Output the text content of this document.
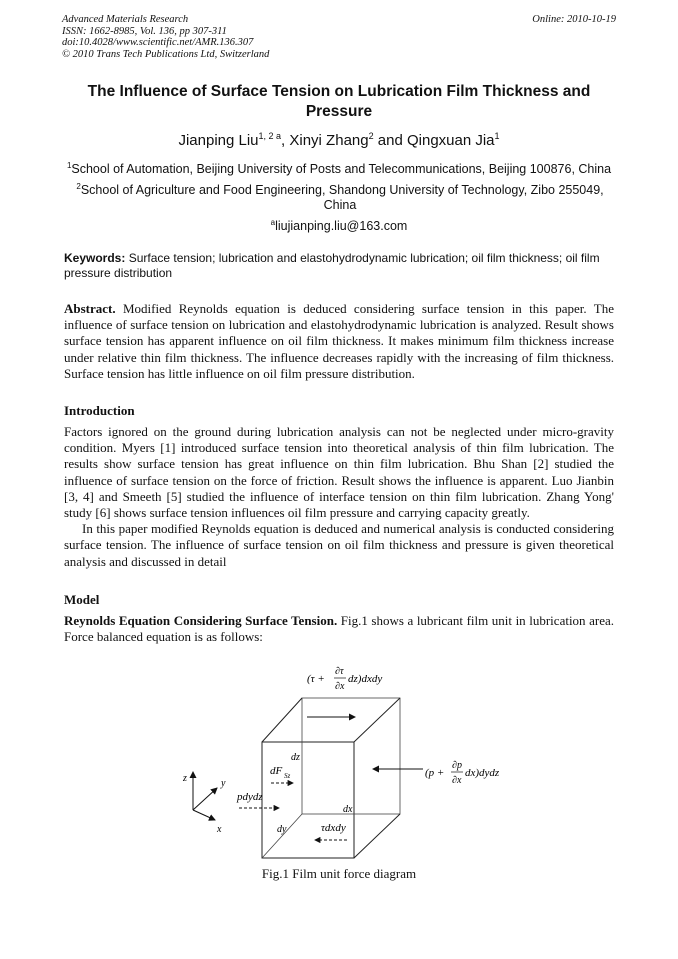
Advanced Materials Research
ISSN: 1662-8985, Vol. 136, pp 307-311
doi:10.4028/www.scientific.net/AMR.136.307
© 2010 Trans Tech Publications Ltd, Switzerland
Online: 2010-10-19
The Influence of Surface Tension on Lubrication Film Thickness and Pressure
Jianping Liu$^{1, 2 a}$, Xinyi Zhang$^2$ and Qingxuan Jia$^1$
$^1$School of Automation, Beijing University of Posts and Telecommunications, Beijing 100876, China
$^2$School of Agriculture and Food Engineering, Shandong University of Technology, Zibo 255049, China
$^a$liujianping.liu@163.com
Keywords: Surface tension; lubrication and elastohydrodynamic lubrication; oil film thickness; oil film pressure distribution
Abstract. Modified Reynolds equation is deduced considering surface tension in this paper. The influence of surface tension on lubrication and elastohydrodynamic lubrication is analyzed. Result shows surface tension has apparent influence on oil film thickness. It makes minimum film thickness increase under relative thin film thickness. The influence decreases rapidly with the increasing of film thickness. Surface tension has little influence on oil film pressure distribution.
Introduction
Factors ignored on the ground during lubrication analysis can not be neglected under micro-gravity condition. Myers [1] introduced surface tension into theoretical analysis of thin film lubrication. The results show surface tension has great influence on thin film lubrication. Bhu Shan [2] studied the influence of surface tension on the force of friction. Result shows the influence is apparent. Luo Jianbin [3, 4] and Smeeth [5] studied the influence of interface tension on thin film lubrication. Zhang Yong' study [6] shows surface tension influences oil film pressure and carrying capacity greatly.
In this paper modified Reynolds equation is deduced and numerical analysis is conducted considering surface tension. The influence of surface tension on oil film thickness and pressure is given theoretical analysis and discussed in detail
Model
Reynolds Equation Considering Surface Tension. Fig.1 shows a lubricant film unit in lubrication area. Force balanced equation is as follows:
(τ +
∂τ
∂x
dz)dxdy
(p +
∂p
∂x
dx)dydz
dz
dF Sz
pdydz
dx
dy	τdxdy
z	y
x
Fig.1 Film unit force diagram
